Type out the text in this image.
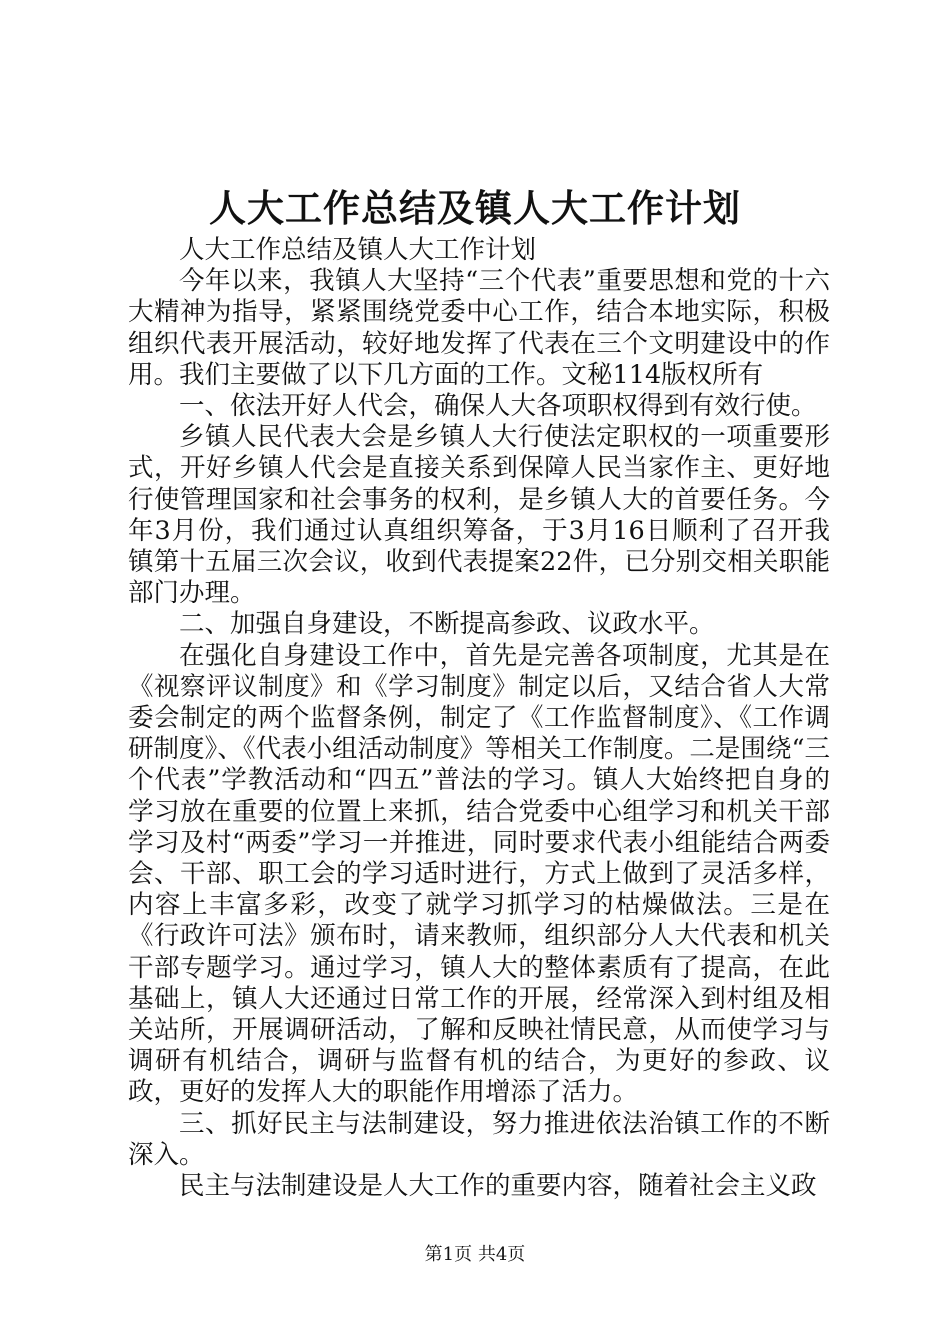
人大工作总结及镇人大工作计划

人大工作总结及镇人大工作计划

今年以来，我镇人大坚持“三个代表”重要思想和党的十六大精神为指导，紧紧围绕党委中心工作，结合本地实际，积极组织代表开展活动，较好地发挥了代表在三个文明建设中的作用。我们主要做了以下几方面的工作。文秘114版权所有

一、依法开好人代会，确保人大各项职权得到有效行使。

乡镇人民代表大会是乡镇人大行使法定职权的一项重要形式，开好乡镇人代会是直接关系到保障人民当家作主、更好地行使管理国家和社会事务的权利，是乡镇人大的首要任务。今年3月份，我们通过认真组织筹备，于3月16日顺利了召开我镇第十五届三次会议，收到代表提案22件，已分别交相关职能部门办理。

二、加强自身建设，不断提高参政、议政水平。

在强化自身建设工作中，首先是完善各项制度，尤其是在《视察评议制度》和《学习制度》制定以后，又结合省人大常委会制定的两个监督条例，制定了《工作监督制度》、《工作调研制度》、《代表小组活动制度》等相关工作制度。二是围绕“三个代表”学教活动和“四五”普法的学习。镇人大始终把自身的学习放在重要的位置上来抓，结合党委中心组学习和机关干部学习及村“两委”学习一并推进，同时要求代表小组能结合两委会、干部、职工会的学习适时进行，方式上做到了灵活多样，内容上丰富多彩，改变了就学习抓学习的枯燥做法。三是在《行政许可法》颁布时，请来教师，组织部分人大代表和机关干部专题学习。通过学习，镇人大的整体素质有了提高，在此基础上，镇人大还通过日常工作的开展，经常深入到村组及相关站所，开展调研活动，了解和反映社情民意，从而使学习与调研有机结合，调研与监督有机的结合，为更好的参政、议政，更好的发挥人大的职能作用增添了活力。

三、抓好民主与法制建设，努力推进依法治镇工作的不断深入。

民主与法制建设是人大工作的重要内容，随着社会主义政

第1页 共4页
